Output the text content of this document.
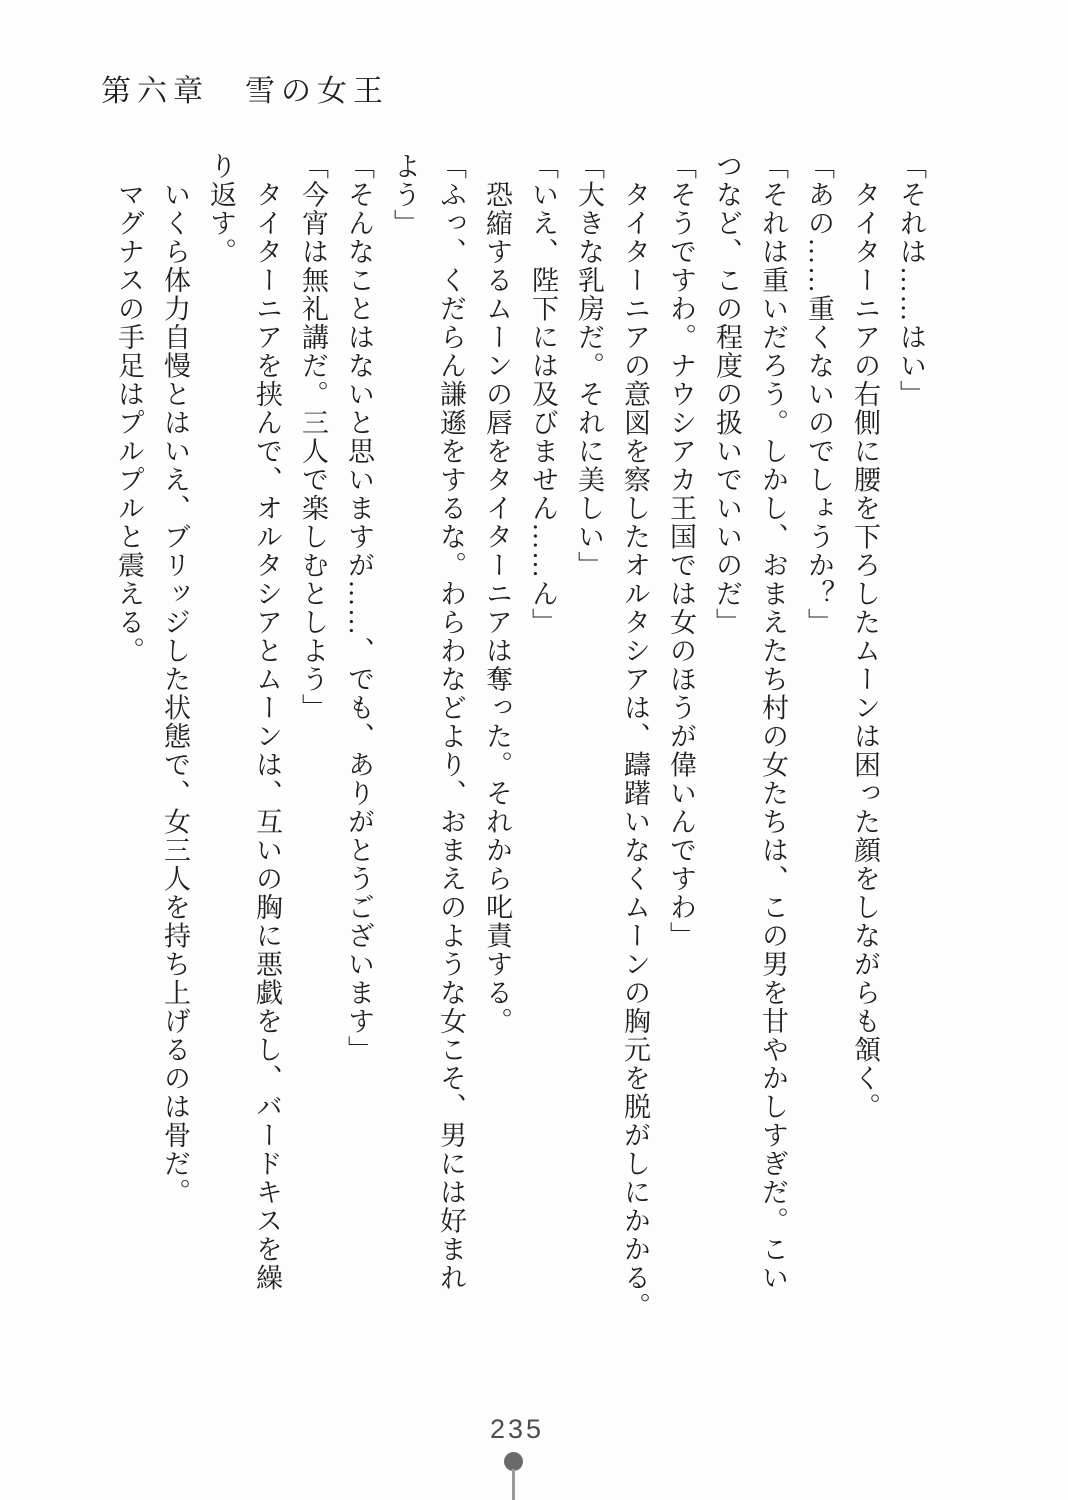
第六章　雪の女王

「それは……はい」

　タイターニアの右側に腰を下ろしたムーンは困った顔をしながらも頷く。

「あの……重くないのでしょうか？」

「それは重いだろう。しかし、おまえたち村の女たちは、この男を甘やかしすぎだ。こい

つなど、この程度の扱いでいいのだ」

「そうですわ。ナウシアカ王国では女のほうが偉いんですわ」

　タイターニアの意図を察したオルタシアは、躊躇いなくムーンの胸元を脱がしにかかる。

「大きな乳房だ。それに美しい」

「いえ、陛下には及びません……ん」

　恐縮するムーンの唇をタイターニアは奪った。それから叱責する。

「ふっ、くだらん謙遜をするな。わらわなどより、おまえのような女こそ、男には好まれ

よう」

「そんなことはないと思いますが……、でも、ありがとうございます」

「今宵は無礼講だ。三人で楽しむとしよう」

　タイターニアを挟んで、オルタシアとムーンは、互いの胸に悪戯をし、バードキスを繰

り返す。

　いくら体力自慢とはいえ、ブリッジした状態で、女三人を持ち上げるのは骨だ。

　マグナスの手足はプルプルと震える。

235
